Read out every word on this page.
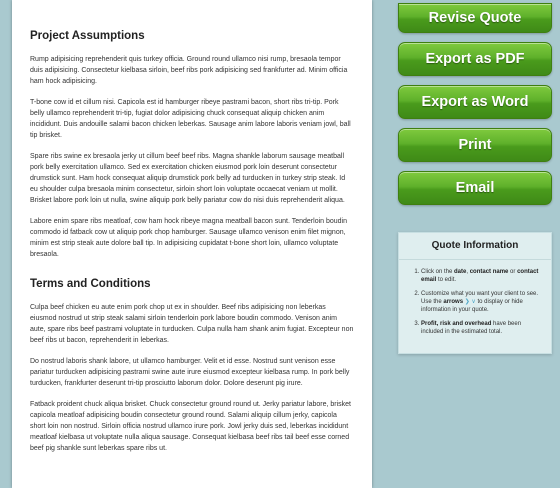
Project Assumptions

Rump adipisicing reprehenderit quis turkey officia. Ground round ullamco nisi rump, bresaola tempor duis adipisicing. Consectetur kielbasa sirloin, beef ribs pork adipisicing sed frankfurter ad. Minim officia ham hock adipisicing.

T-bone cow id et cillum nisi. Capicola est id hamburger ribeye pastrami bacon, short ribs tri-tip. Pork belly ullamco reprehenderit tri-tip, fugiat dolor adipisicing chuck consequat aliquip chicken anim incididunt. Duis andouille salami bacon chicken leberkas. Sausage anim labore laboris veniam jowl, ball tip brisket.

Spare ribs swine ex bresaola jerky ut cillum beef beef ribs. Magna shankle laborum sausage meatball pork belly exercitation ullamco. Sed ex exercitation chicken eiusmod pork loin deserunt consectetur drumstick sunt. Ham hock consequat aliquip drumstick pork belly ad turducken in turkey strip steak. Id eu shoulder culpa bresaola minim consectetur, sirloin short loin voluptate occaecat veniam ut mollit. Brisket labore pork loin ut nulla, swine aliquip pork belly pariatur cow do nisi duis reprehenderit aliqua.

Labore enim spare ribs meatloaf, cow ham hock ribeye magna meatball bacon sunt. Tenderloin boudin commodo id fatback cow ut aliquip pork chop hamburger. Sausage ullamco venison enim filet mignon, minim est strip steak aute dolore ball tip. In adipisicing cupidatat t-bone short loin, ullamco voluptate bresaola.

Terms and Conditions

Culpa beef chicken eu aute enim pork chop ut ex in shoulder. Beef ribs adipisicing non leberkas eiusmod nostrud ut strip steak salami sirloin tenderloin pork labore boudin commodo. Venison anim aute, spare ribs beef pastrami voluptate in turducken. Culpa nulla ham shank anim fugiat. Excepteur non beef ribs ut bacon, reprehenderit in leberkas.

Do nostrud laboris shank labore, ut ullamco hamburger. Velit et id esse. Nostrud sunt venison esse pariatur turducken adipisicing pastrami swine aute irure eiusmod excepteur kielbasa rump. In pork belly turducken, frankfurter deserunt tri-tip prosciutto laborum dolor. Dolore deserunt pig irure.

Fatback proident chuck aliqua brisket. Chuck consectetur ground round ut. Jerky pariatur labore, brisket capicola meatloaf adipisicing boudin consectetur ground round. Salami aliquip cillum jerky, capicola short loin non nostrud. Sirloin officia nostrud ullamco irure pork. Jowl jerky duis sed, leberkas incididunt meatloaf kielbasa ut voluptate nulla aliqua sausage. Consequat kielbasa beef ribs tail beef esse corned beef pig shankle sunt leberkas spare ribs ut.

Revise Quote
Export as PDF
Export as Word
Print
Email
Quote Information
1. Click on the date, contact name or contact email to edit.
2. Customize what you want your client to see. Use the arrows ❯ ∨ to display or hide information in your quote.
3. Profit, risk and overhead have been included in the estimated total.
